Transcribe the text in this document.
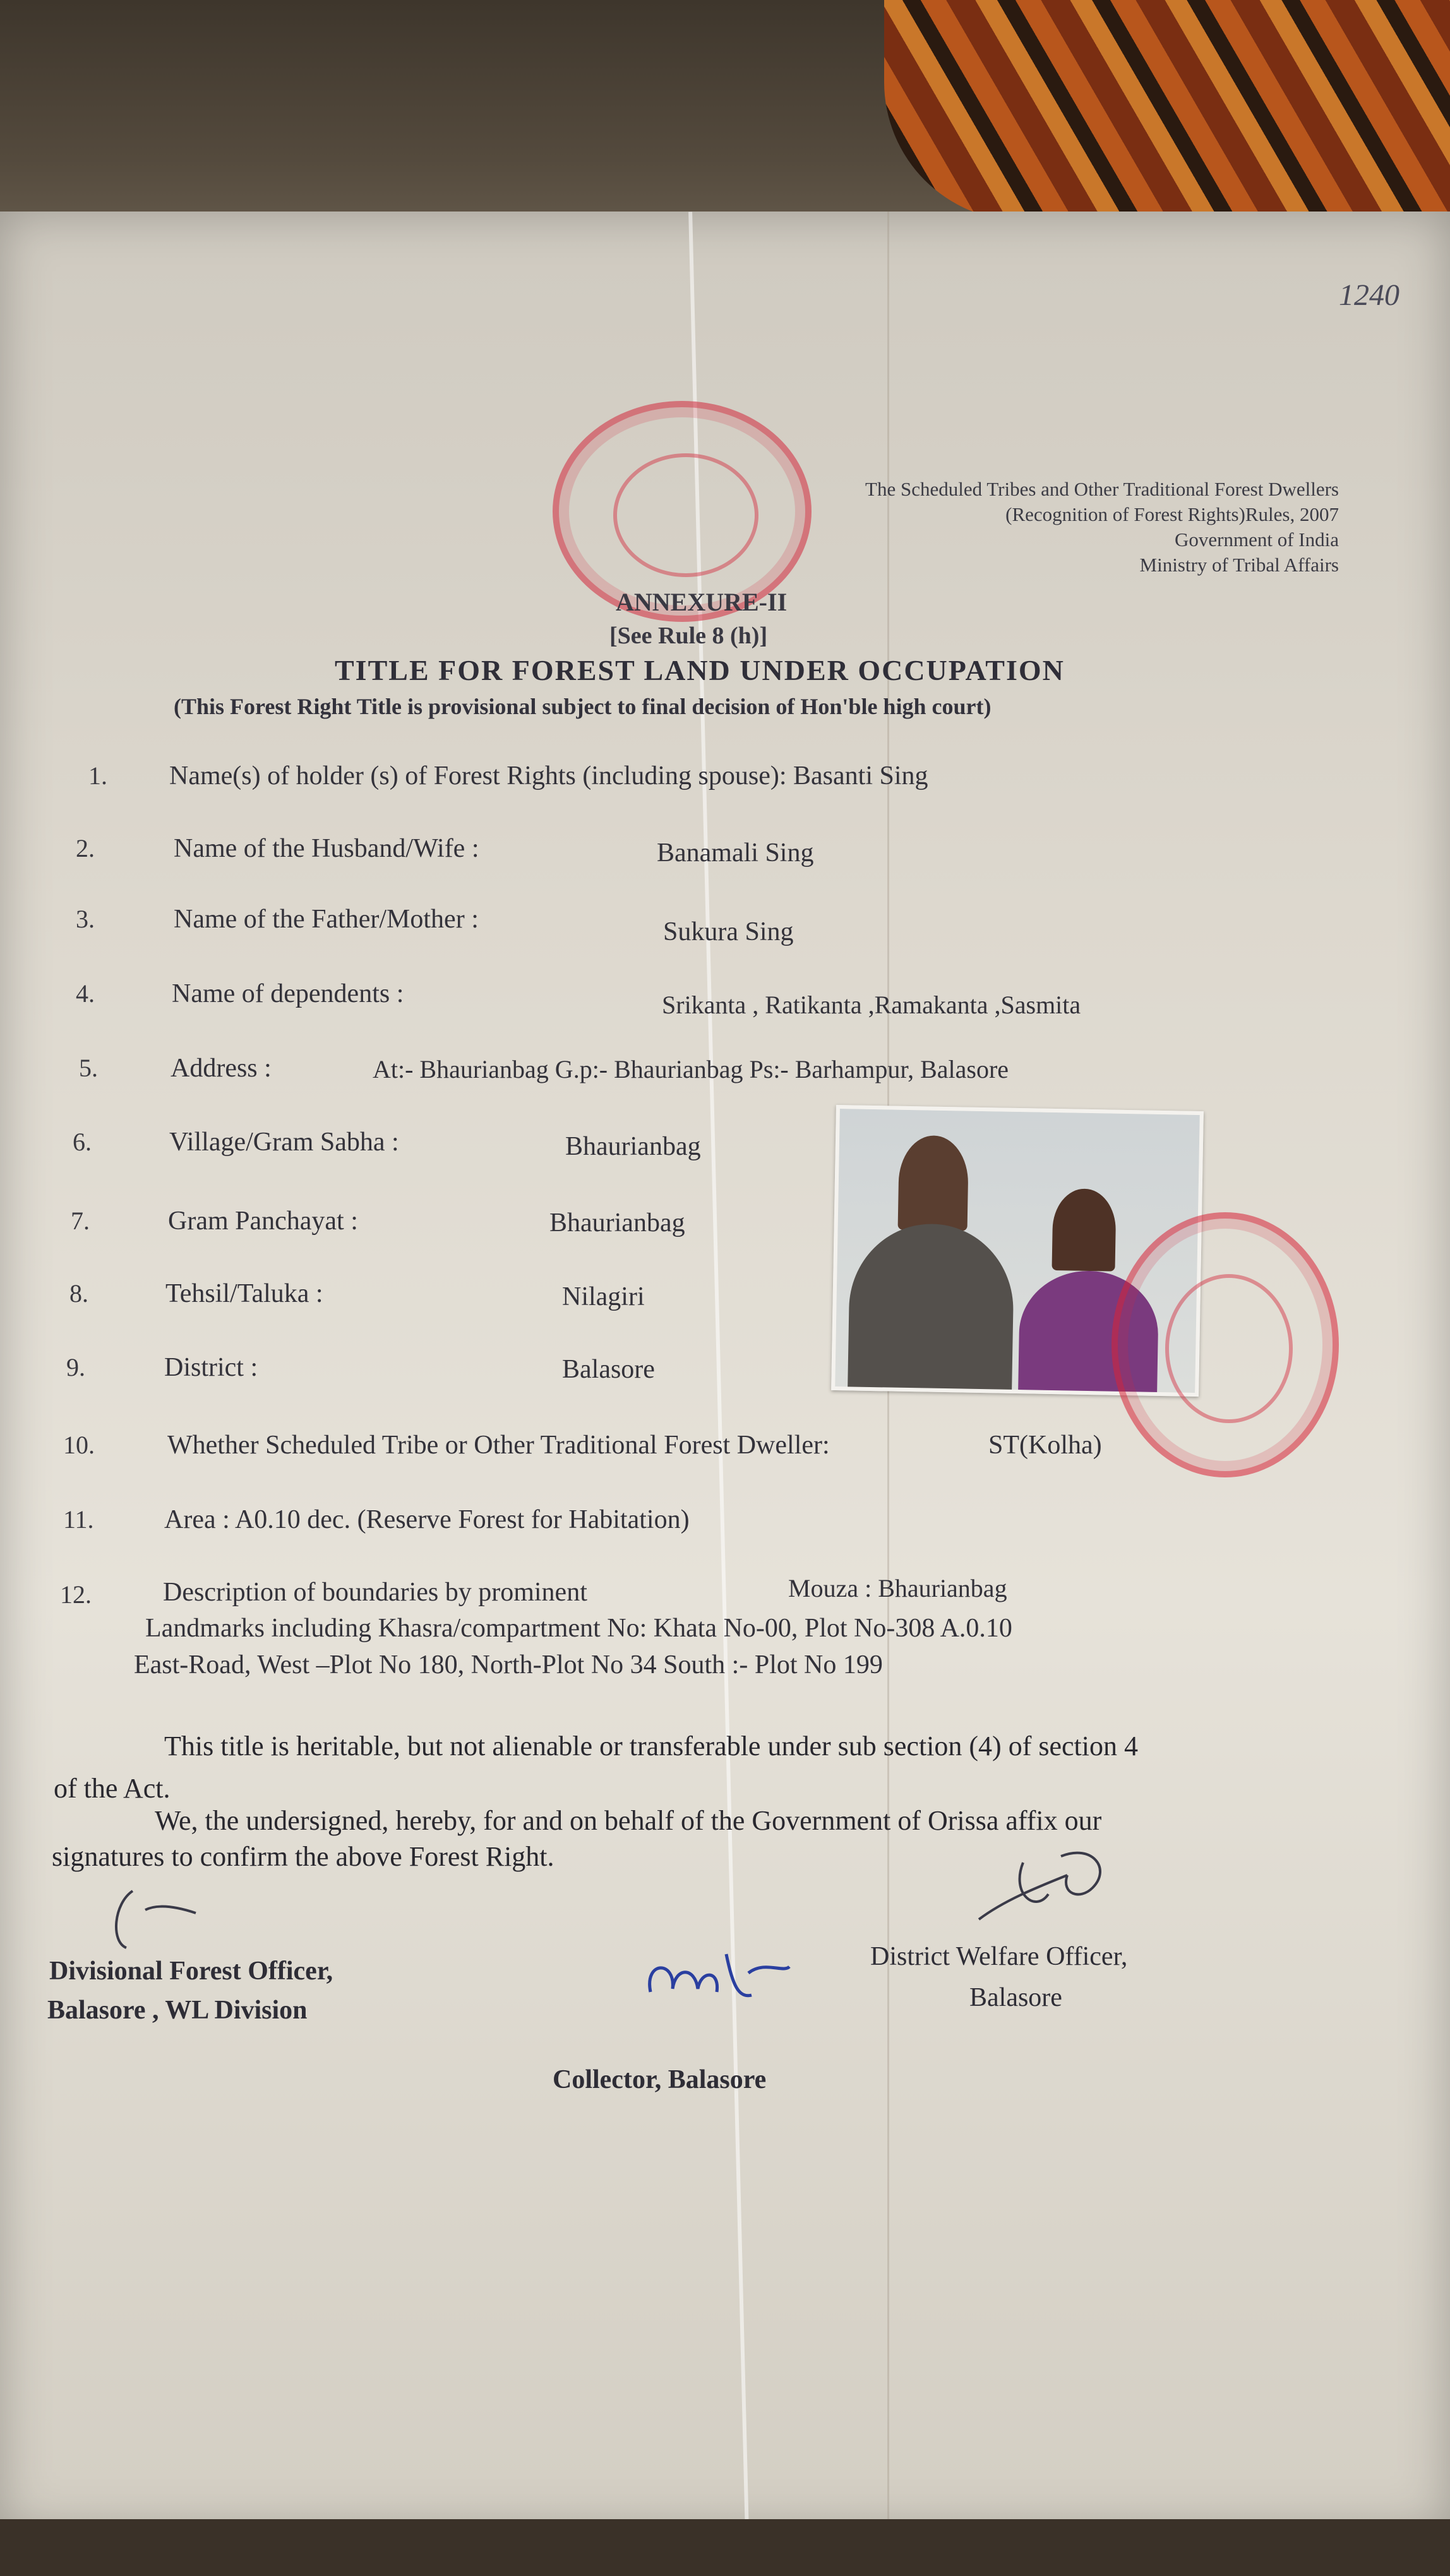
1240
The Scheduled Tribes and Other Traditional Forest Dwellers
(Recognition of Forest Rights)Rules, 2007
Government of India
Ministry of Tribal Affairs
ANNEXURE-II
[See Rule 8 (h)]
TITLE FOR FOREST LAND UNDER OCCUPATION
(This Forest Right Title is provisional subject to final decision of Hon'ble high court)
1. Name(s) of holder (s) of Forest Rights (including spouse): Basanti Sing
2.	Name of the Husband/Wife :	Banamali Sing
3.	Name of the Father/Mother :	Sukura Sing
4.	Name of dependents :	Srikanta , Ratikanta ,Ramakanta ,Sasmita
5.	Address :	At:- Bhaurianbag G.p:- Bhaurianbag Ps:- Barhampur, Balasore
6.	Village/Gram Sabha :	Bhaurianbag
7.	Gram Panchayat :	Bhaurianbag
8.	Tehsil/Taluka :	Nilagiri
9.	District :	Balasore
10.	Whether Scheduled Tribe or Other Traditional Forest Dweller:	ST(Kolha)
11.	Area : A0.10 dec. (Reserve Forest for Habitation)
12.	Description of boundaries by prominent	Mouza : Bhaurianbag
Landmarks including Khasra/compartment No: Khata No-00, Plot No-308 A.0.10
East-Road, West –Plot No 180, North-Plot No 34 South :- Plot No 199
This title is heritable, but not alienable or transferable under sub section (4) of section 4
of the Act.
We, the undersigned, hereby, for and on behalf of the Government of Orissa affix our
signatures to confirm the above Forest Right.
Divisional Forest Officer,
Balasore , WL Division
District Welfare Officer,
Balasore
Collector, Balasore
